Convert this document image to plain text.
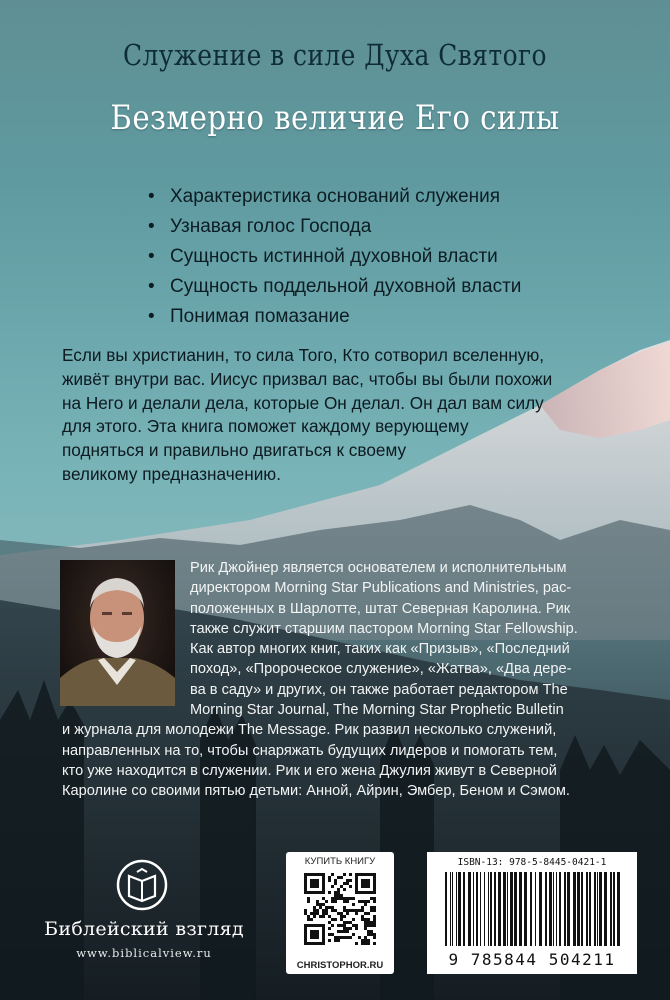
Служение в силе Духа Святого
Безмерно величие Его силы
• Характеристика оснований служения
• Узнавая голос Господа
• Сущность истинной духовной власти
• Сущность поддельной духовной власти
• Понимая помазание
Если вы христианин, то сила Того, Кто сотворил вселенную,
живёт внутри вас. Иисус призвал вас, чтобы вы были похожи
на Него и делали дела, которые Он делал. Он дал вам силу
для этого. Эта книга поможет каждому верующему
подняться и правильно двигаться к своему
великому предназначению.
Рик Джойнер является основателем и исполнительным
директором Morning Star Publications and Ministries, рас-
положенных в Шарлотте, штат Северная Каролина. Рик
также служит старшим пастором Morning Star Fellowship.
Как автор многих книг, таких как «Призыв», «Последний
поход», «Пророческое служение», «Жатва», «Два дере-
ва в саду» и других, он также работает редактором The
Morning Star Journal, The Morning Star Prophetic Bulletin
и журнала для молодежи The Message. Рик развил несколько служений,
направленных на то, чтобы снаряжать будущих лидеров и помогать тем,
кто уже находится в служении. Рик и его жена Джулия живут в Северной
Каролине со своими пятью детьми: Анной, Айрин, Эмбер, Беном и Сэмом.
Библейский взгляд
www.biblicalview.ru
КУПИТЬ КНИГУ
CHRISTOPHOR.RU
ISBN-13: 978-5-8445-0421-1
9 785844 504211
